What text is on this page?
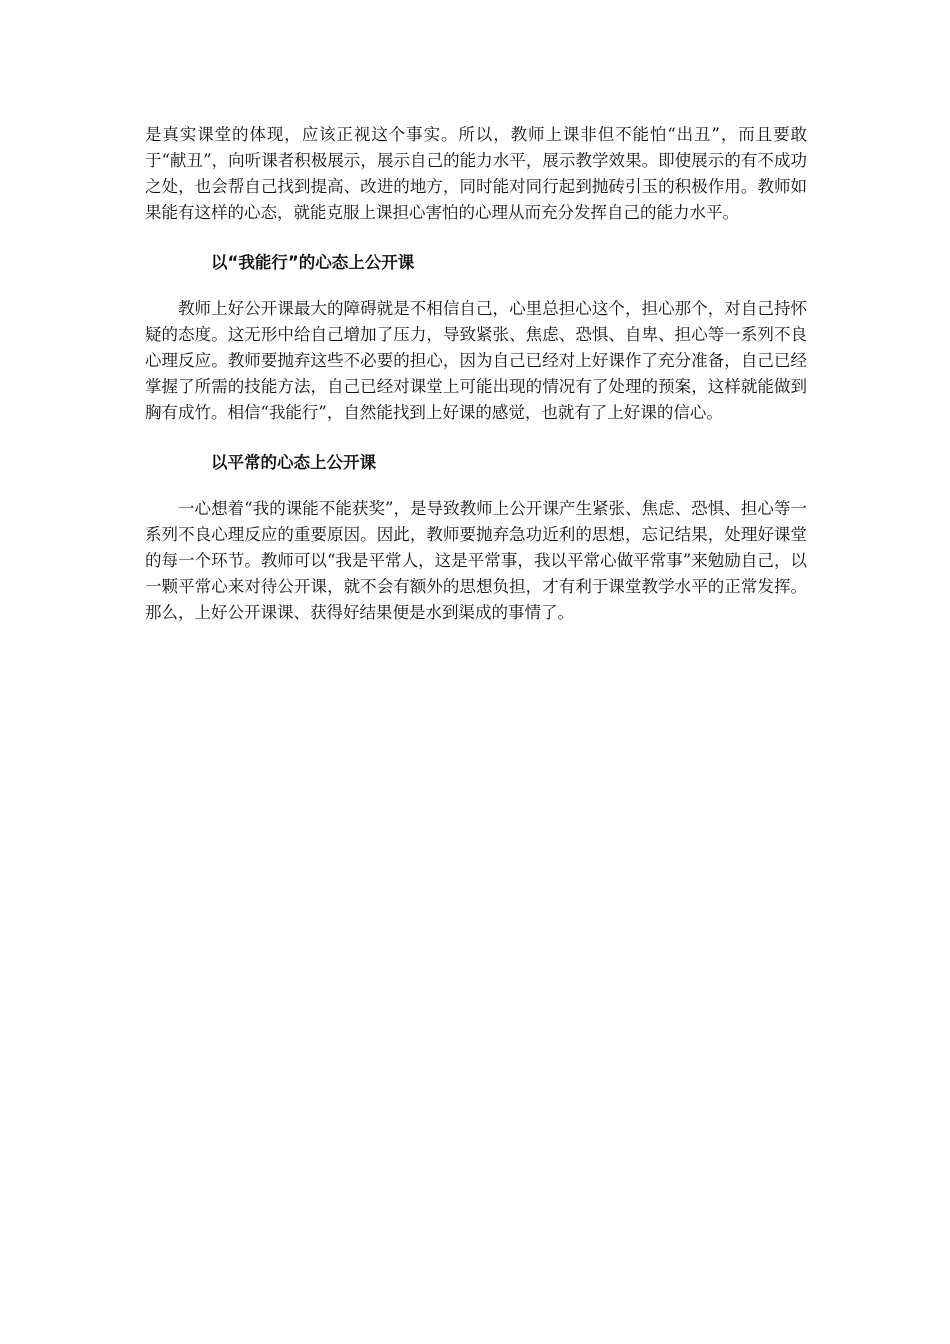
是真实课堂的体现，应该正视这个事实。所以，教师上课非但不能怕“出丑”，而且要敢于“献丑”，向听课者积极展示，展示自己的能力水平，展示教学效果。即使展示的有不成功之处，也会帮自己找到提高、改进的地方，同时能对同行起到抛砖引玉的积极作用。教师如果能有这样的心态，就能克服上课担心害怕的心理从而充分发挥自己的能力水平。

以“我能行”的心态上公开课

教师上好公开课最大的障碍就是不相信自己，心里总担心这个，担心那个，对自己持怀疑的态度。这无形中给自己增加了压力，导致紧张、焦虑、恐惧、自卑、担心等一系列不良心理反应。教师要抛弃这些不必要的担心，因为自己已经对上好课作了充分准备，自己已经掌握了所需的技能方法，自己已经对课堂上可能出现的情况有了处理的预案，这样就能做到胸有成竹。相信“我能行”，自然能找到上好课的感觉，也就有了上好课的信心。

以平常的心态上公开课

一心想着“我的课能不能获奖”，是导致教师上公开课产生紧张、焦虑、恐惧、担心等一系列不良心理反应的重要原因。因此，教师要抛弃急功近利的思想，忘记结果，处理好课堂的每一个环节。教师可以“我是平常人，这是平常事，我以平常心做平常事”来勉励自己，以一颗平常心来对待公开课，就不会有额外的思想负担，才有利于课堂教学水平的正常发挥。那么，上好公开课课、获得好结果便是水到渠成的事情了。
